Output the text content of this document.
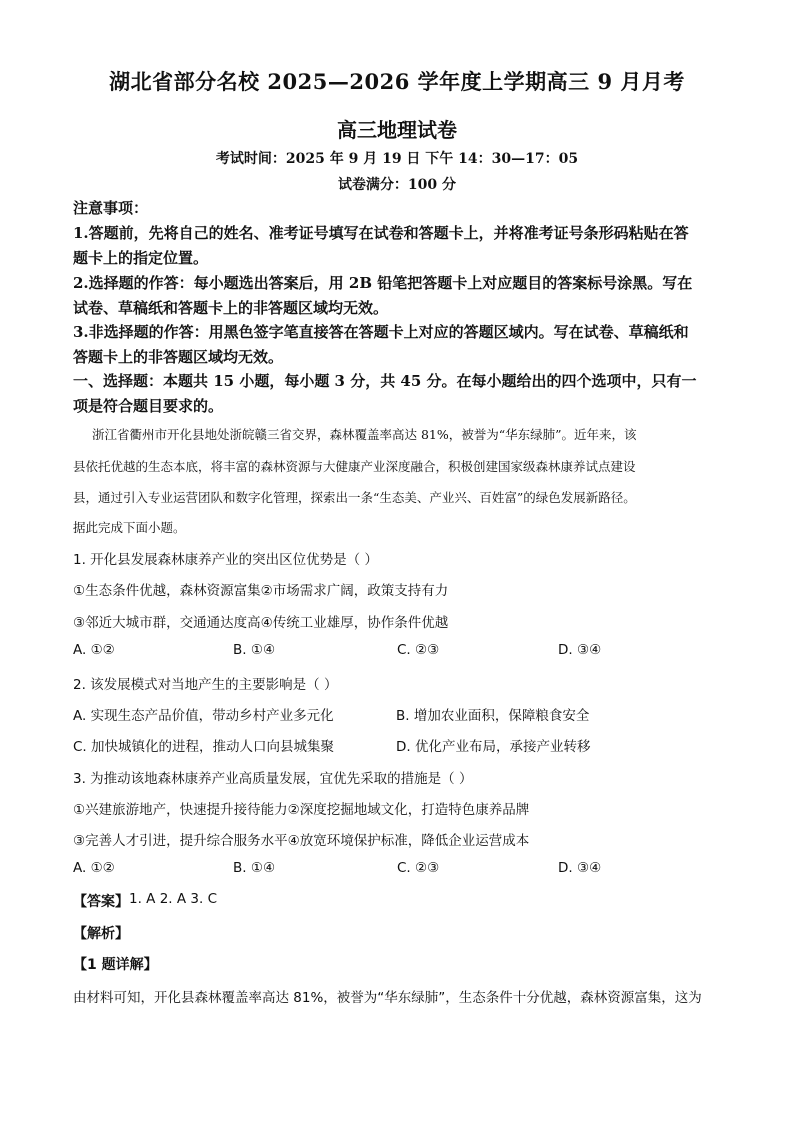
湖北省部分名校 2025—2026 学年度上学期高三 9 月月考
高三地理试卷
考试时间：2025 年 9 月 19 日 下午 14：30—17：05
试卷满分：100 分
注意事项：
1.答题前，先将自己的姓名、准考证号填写在试卷和答题卡上，并将准考证号条形码粘贴在答
题卡上的指定位置。
2.选择题的作答：每小题选出答案后，用 2B 铅笔把答题卡上对应题目的答案标号涂黑。写在
试卷、草稿纸和答题卡上的非答题区域均无效。
3.非选择题的作答：用黑色签字笔直接答在答题卡上对应的答题区域内。写在试卷、草稿纸和
答题卡上的非答题区域均无效。
一、选择题：本题共 15 小题，每小题 3 分，共 45 分。在每小题给出的四个选项中，只有一
项是符合题目要求的。
浙江省衢州市开化县地处浙皖赣三省交界，森林覆盖率高达 81%，被誉为“华东绿肺”。近年来，该
县依托优越的生态本底，将丰富的森林资源与大健康产业深度融合，积极创建国家级森林康养试点建设
县，通过引入专业运营团队和数字化管理，探索出一条“生态美、产业兴、百姓富”的绿色发展新路径。
据此完成下面小题。
1. 开化县发展森林康养产业的突出区位优势是（ ）
①生态条件优越，森林资源富集②市场需求广阔，政策支持有力
③邻近大城市群，交通通达度高④传统工业雄厚，协作条件优越
A. ①②	B. ①④	C. ②③	D. ③④
2. 该发展模式对当地产生的主要影响是（ ）
A. 实现生态产品价值，带动乡村产业多元化	B. 增加农业面积，保障粮食安全
C. 加快城镇化的进程，推动人口向县城集聚	D. 优化产业布局，承接产业转移
3. 为推动该地森林康养产业高质量发展，宜优先采取的措施是（ ）
①兴建旅游地产，快速提升接待能力②深度挖掘地域文化，打造特色康养品牌
③完善人才引进，提升综合服务水平④放宽环境保护标准，降低企业运营成本
A. ①②	B. ①④	C. ②③	D. ③④
【答案】 1. A 2. A 3. C
【解析】
【1 题详解】
由材料可知，开化县森林覆盖率高达 81%，被誉为“华东绿肺”，生态条件十分优越，森林资源富集，这为
